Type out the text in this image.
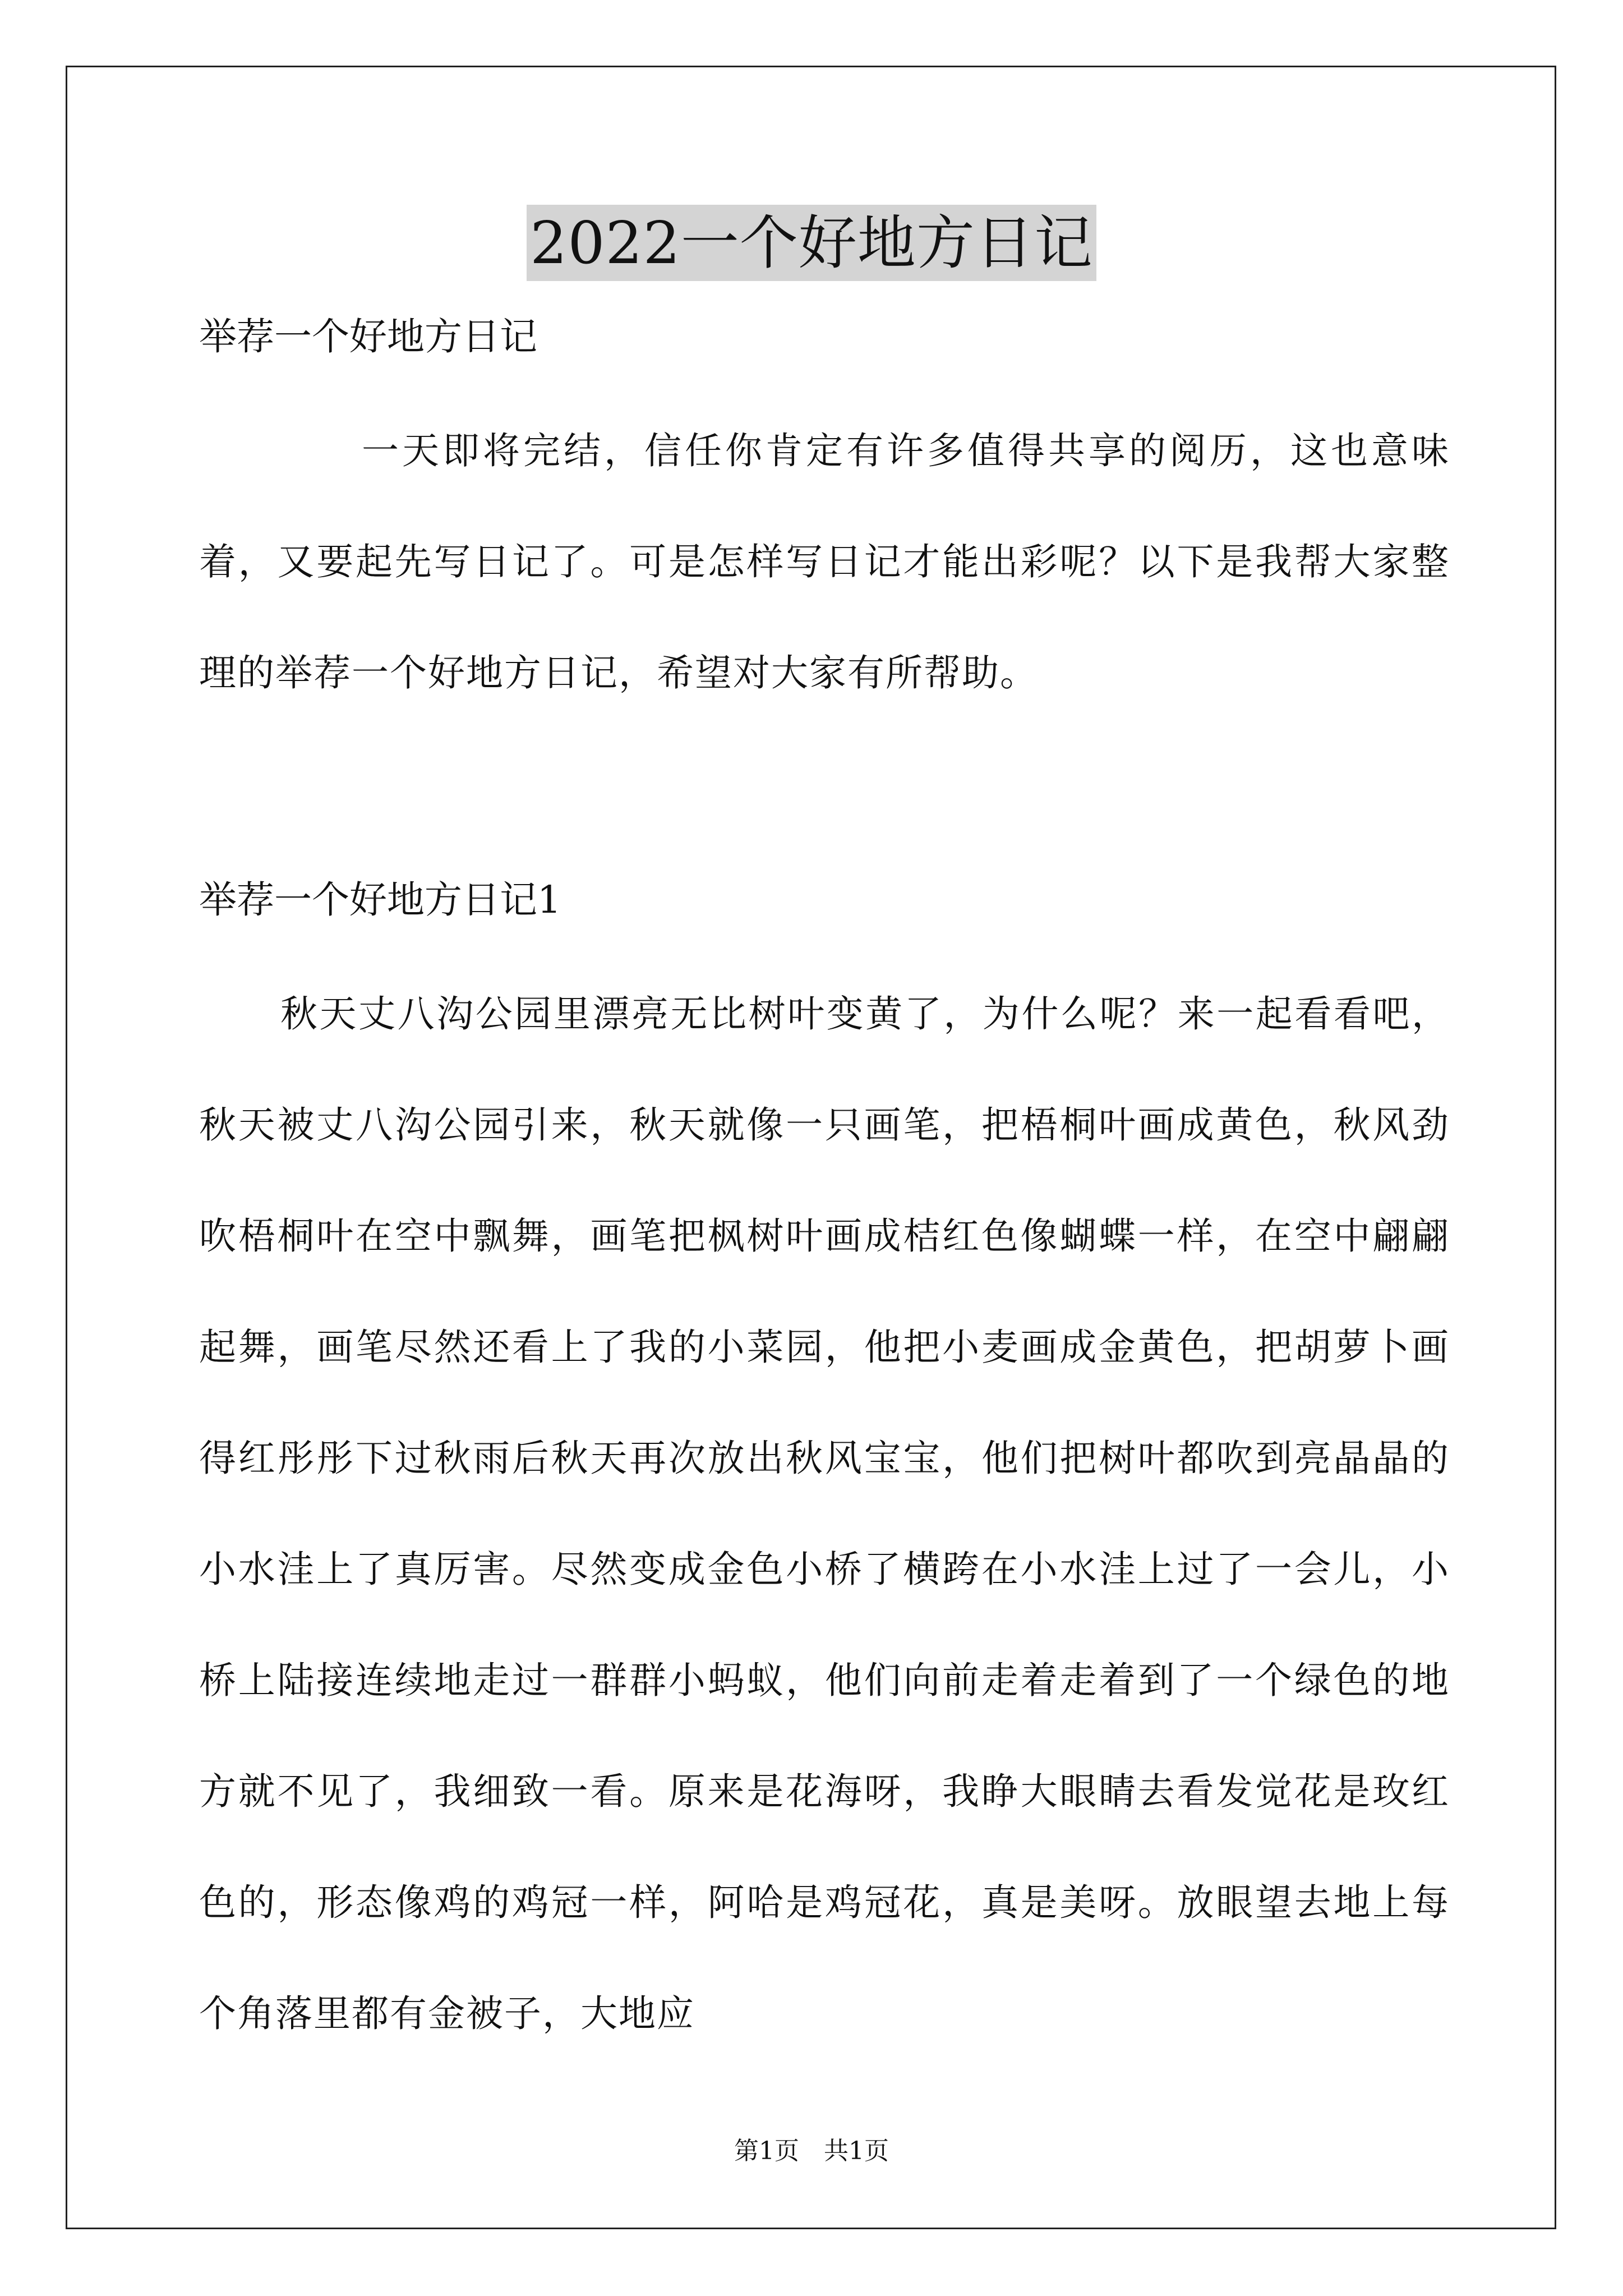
2022一个好地方日记

举荐一个好地方日记

一天即将完结，信任你肯定有许多值得共享的阅历，这也意味着，又要起先写日记了。可是怎样写日记才能出彩呢？以下是我帮大家整理的举荐一个好地方日记，希望对大家有所帮助。

举荐一个好地方日记1

秋天丈八沟公园里漂亮无比树叶变黄了，为什么呢？来一起看看吧，秋天被丈八沟公园引来，秋天就像一只画笔，把梧桐叶画成黄色，秋风劲吹梧桐叶在空中飘舞，画笔把枫树叶画成桔红色像蝴蝶一样，在空中翩翩起舞，画笔尽然还看上了我的小菜园，他把小麦画成金黄色，把胡萝卜画得红彤彤下过秋雨后秋天再次放出秋风宝宝，他们把树叶都吹到亮晶晶的小水洼上了真厉害。尽然变成金色小桥了横跨在小水洼上过了一会儿，小桥上陆接连续地走过一群群小蚂蚁，他们向前走着走着到了一个绿色的地方就不见了，我细致一看。原来是花海呀，我睁大眼睛去看发觉花是玫红色的，形态像鸡的鸡冠一样，阿哈是鸡冠花，真是美呀。放眼望去地上每个角落里都有金被子，大地应

第1页　共1页
